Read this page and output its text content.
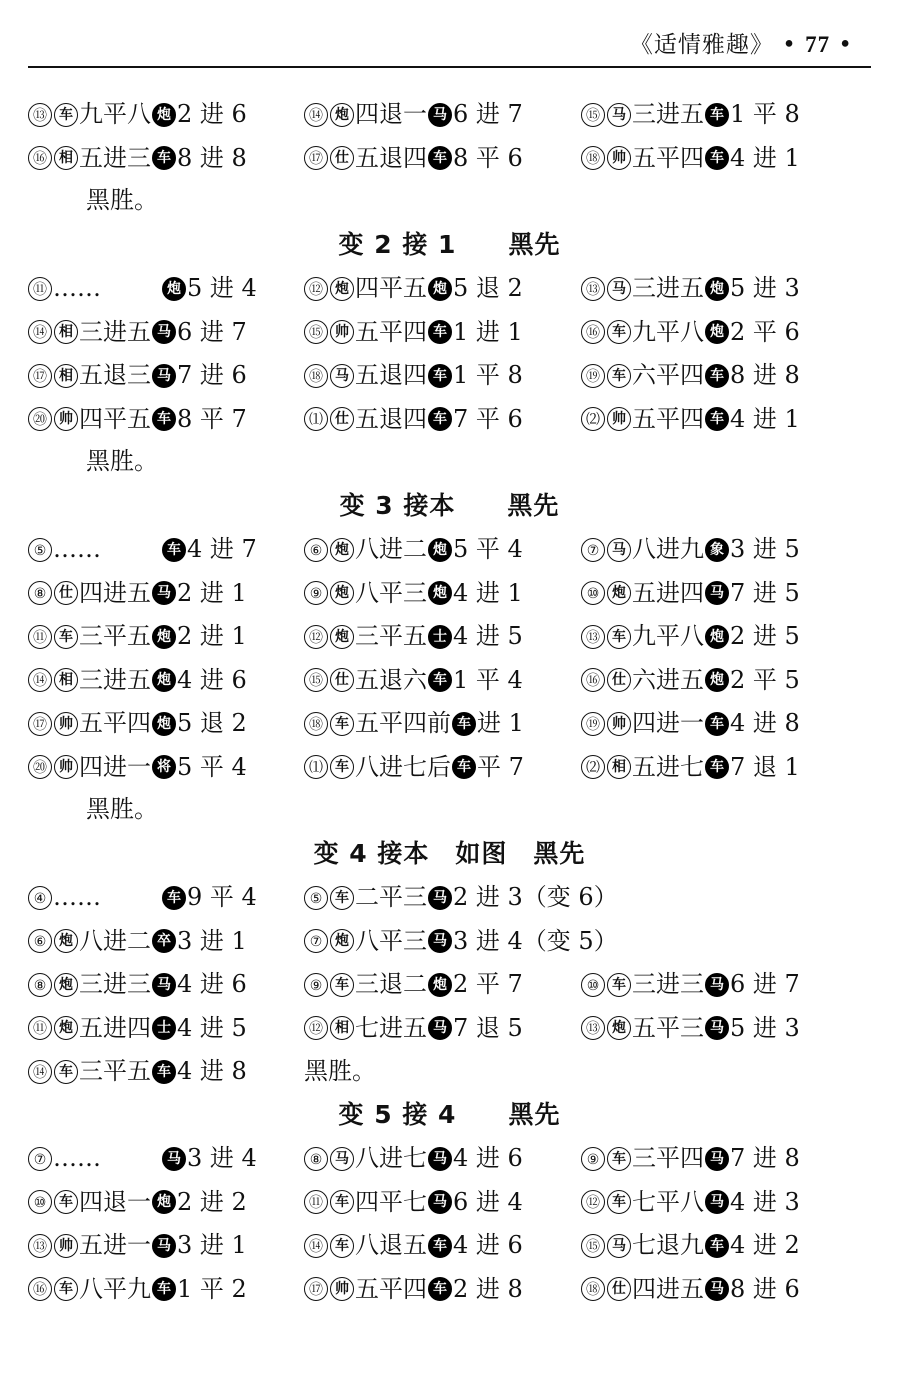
《适情雅趣》 • 77 •
⑬ 车 九平八 炮 2 进 6	⑭ 炮 四退一 马 6 进 7	⑮ 马 三进五 车 1 平 8
⑯ 相 五进三 车 8 进 8	⑰ 仕 五退四 车 8 平 6	⑱ 帅 五平四 车 4 进 1
黑胜。
变 2 接 1　　黑先
⑪ ……	炮 5 进 4	⑫ 炮 四平五 炮 5 退 2	⑬ 马 三进五 炮 5 进 3
⑭ 相 三进五 马 6 进 7	⑮ 帅 五平四 车 1 进 1	⑯ 车 九平八 炮 2 平 6
⑰ 相 五退三 马 7 进 6	⑱ 马 五退四 车 1 平 8	⑲ 车 六平四 车 8 进 8
⑳ 帅 四平五 车 8 平 7	⑴ 仕 五退四 车 7 平 6	⑵ 帅 五平四 车 4 进 1
黑胜。
变 3 接本　　黑先
⑤ ……	车 4 进 7	⑥ 炮 八进二 炮 5 平 4	⑦ 马 八进九 象 3 进 5
⑧ 仕 四进五 马 2 进 1	⑨ 炮 八平三 炮 4 进 1	⑩ 炮 五进四 马 7 进 5
⑪ 车 三平五 炮 2 进 1	⑫ 炮 三平五 士 4 进 5	⑬ 车 九平八 炮 2 进 5
⑭ 相 三进五 炮 4 进 6	⑮ 仕 五退六 车 1 平 4	⑯ 仕 六进五 炮 2 平 5
⑰ 帅 五平四 炮 5 退 2	⑱ 车 五平四前 车 进 1	⑲ 帅 四进一 车 4 进 8
⑳ 帅 四进一 将 5 平 4	⑴ 车 八进七后 车 平 7	⑵ 相 五进七 车 7 退 1
黑胜。
变 4 接本　如图　黑先
④ ……	车 9 平 4	⑤ 车 二平三 马 2 进 3（变 6）
⑥ 炮 八进二 卒 3 进 1	⑦ 炮 八平三 马 3 进 4（变 5）
⑧ 炮 三进三 马 4 进 6	⑨ 车 三退二 炮 2 平 7	⑩ 车 三进三 马 6 进 7
⑪ 炮 五进四 士 4 进 5	⑫ 相 七进五 马 7 退 5	⑬ 炮 五平三 马 5 进 3
⑭ 车 三平五 车 4 进 8 黑胜。
变 5 接 4　　黑先
⑦ ……	马 3 进 4	⑧ 马 八进七 马 4 进 6	⑨ 车 三平四 马 7 进 8
⑩ 车 四退一 炮 2 进 2	⑪ 车 四平七 马 6 进 4	⑫ 车 七平八 马 4 进 3
⑬ 帅 五进一 马 3 进 1	⑭ 车 八退五 车 4 进 6	⑮ 马 七退九 车 4 进 2
⑯ 车 八平九 车 1 平 2	⑰ 帅 五平四 车 2 进 8	⑱ 仕 四进五 马 8 进 6
